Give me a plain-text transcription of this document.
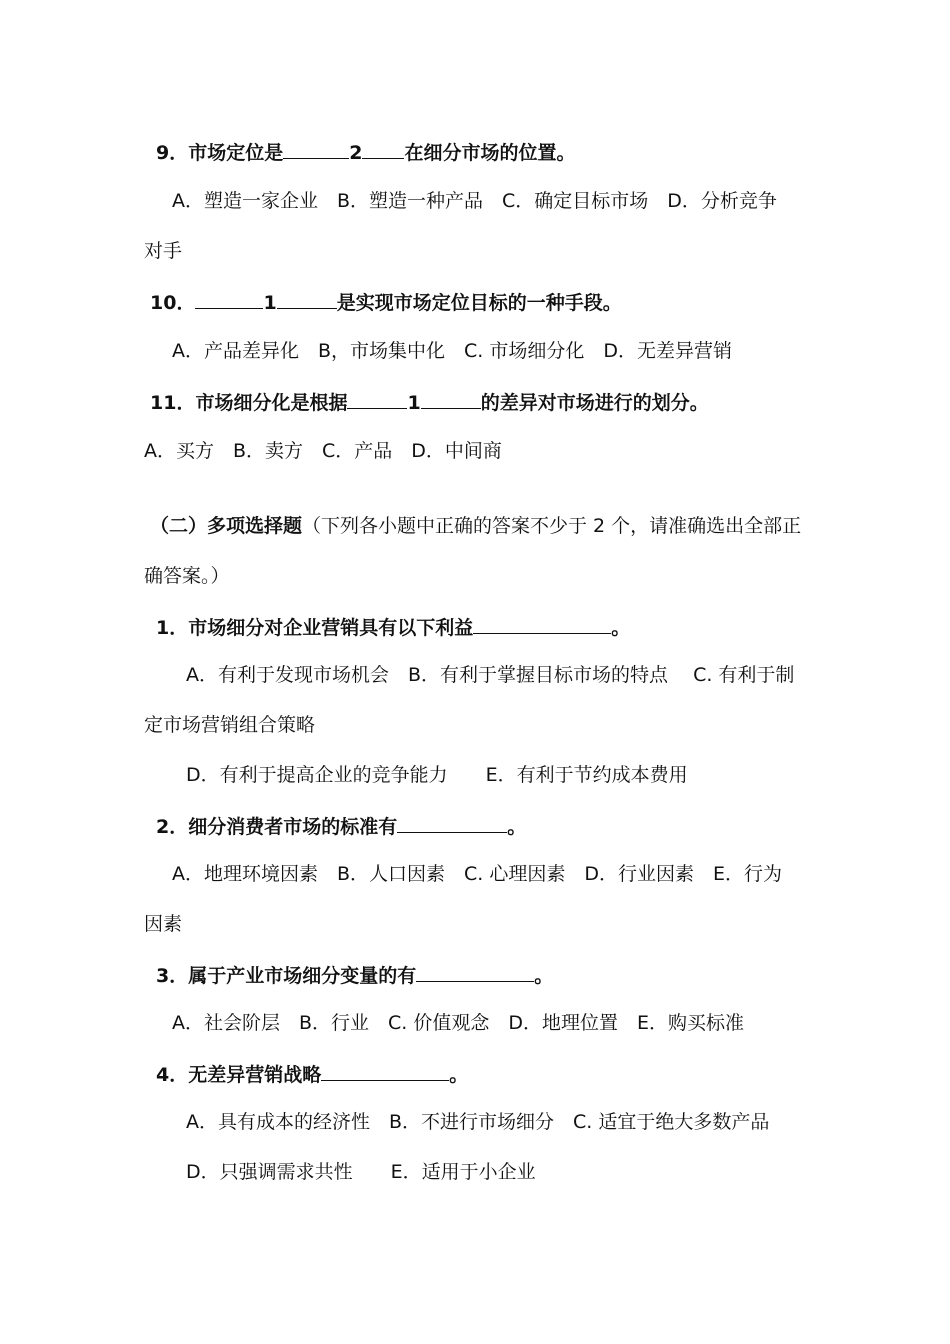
9．市场定位是	2 在细分市场的位置。
A．塑造一家企业　B．塑造一种产品　C．确定目标市场　D．分析竞争
对手
10．	1	是实现市场定位目标的一种手段。
A．产品差异化　B，市场集中化　C. 市场细分化　D．无差异营销
11．市场细分化是根据	1	的差异对市场进行的划分。
A．买方　B．卖方　C．产品　D．中间商
（二）多项选择题（下列各小题中正确的答案不少于 2 个，请准确选出全部正
确答案。）
1．市场细分对企业营销具有以下利益	。
A．有利于发现市场机会　B．有利于掌握目标市场的特点　 C. 有利于制
定市场营销组合策略
D．有利于提高企业的竞争能力　　E．有利于节约成本费用
2．细分消费者市场的标准有	。
A．地理环境因素　B．人口因素　C. 心理因素　D．行业因素　E．行为
因素
3．属于产业市场细分变量的有	。
A．社会阶层　B．行业　C. 价值观念　D．地理位置　E．购买标准
4．无差异营销战略	。
A．具有成本的经济性　B．不进行市场细分　C. 适宜于绝大多数产品
D．只强调需求共性　　E．适用于小企业
